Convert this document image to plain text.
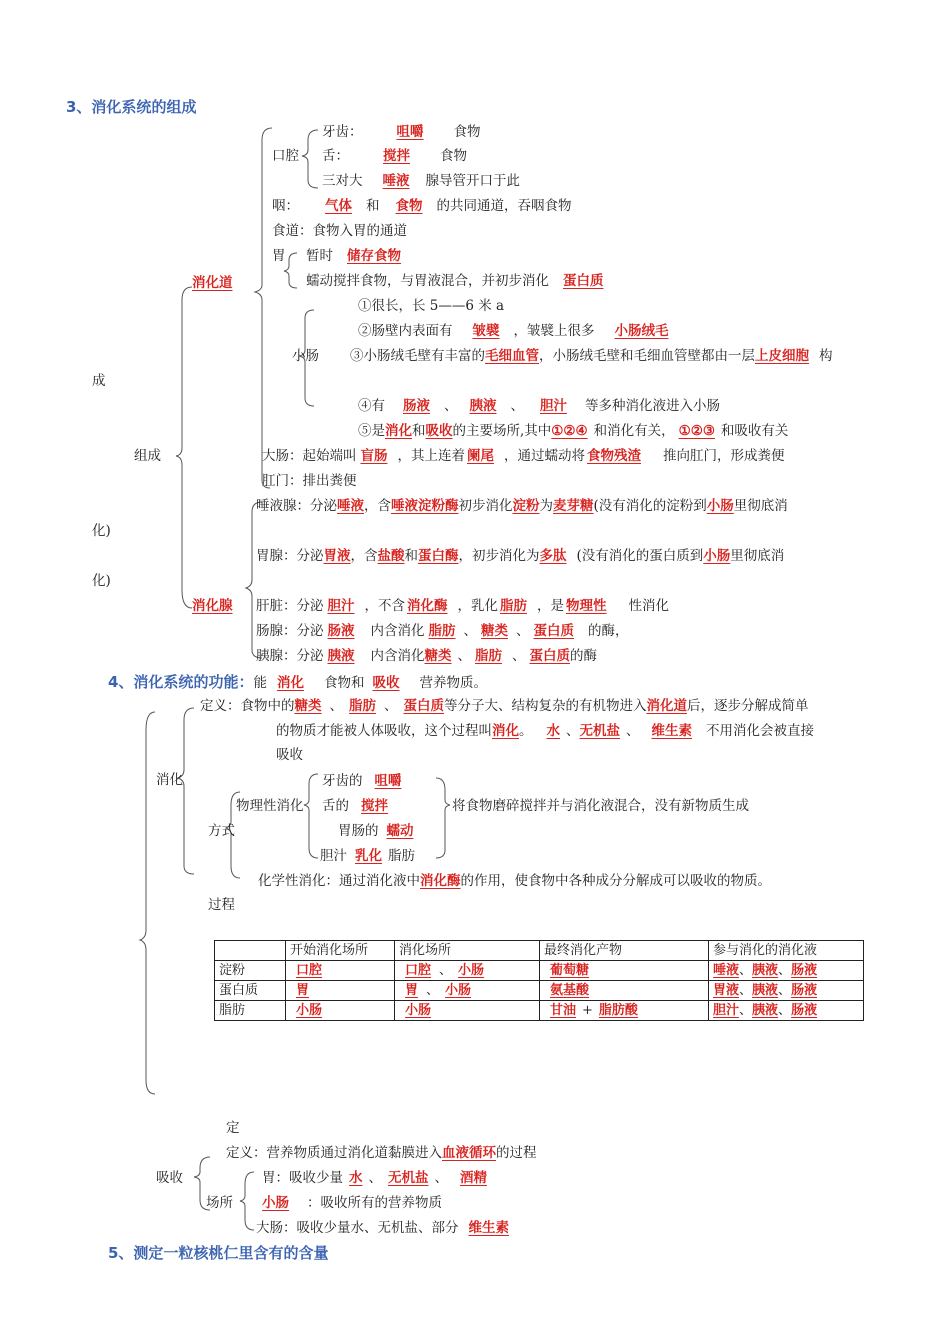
3、消化系统的组成
成
组成
化)
化)
消化道
口腔
牙齿：	咀嚼 食物
舌：	搅拌 食物
三对大 唾液 腺导管开口于此
咽： 气体 和 食物 的共同通道，吞咽食物
食道：食物入胃的通道
胃 暂时 储存食物
蠕动搅拌食物，与胃液混合，并初步消化 蛋白质
小肠
①很长，长 5——6 米 a
②肠壁内表面有 皱襞 ，皱襞上很多 小肠绒毛
③小肠绒毛壁有丰富的毛细血管，小肠绒毛壁和毛细血管壁都由一层上皮细胞 构
④有 肠液 、 胰液 、 胆汁 等多种消化液进入小肠
⑤是消化和吸收的主要场所,其中①②④ 和消化有关， ①②③ 和吸收有关
大肠：起始端叫 盲肠 ，其上连着 阑尾 ，通过蠕动将 食物残渣 推向肛门，形成粪便
肛门：排出粪便
唾液腺：分泌唾液，含唾液淀粉酶初步消化淀粉为麦芽糖(没有消化的淀粉到小肠里彻底消
胃腺：分泌胃液，含盐酸和蛋白酶，初步消化为多肽 (没有消化的蛋白质到小肠里彻底消
消化腺 肝脏：分泌 胆汁 ，不含 消化酶 ，乳化 脂肪 ，是 物理性 性消化
肠腺：分泌 肠液 内含消化 脂肪 、 糖类 、 蛋白质 的酶，
胰腺：分泌 胰液 内含消化糖类 、 脂肪 、 蛋白质的酶
4、消化系统的功能：能 消化 食物和 吸收 营养物质。
消化
定义：食物中的糖类 、 脂肪 、 蛋白质等分子大、结构复杂的有机物进入消化道后，逐步分解成简单
的物质才能被人体吸收，这个过程叫消化。 水 、无机盐 、 维生素 不用消化会被直接
吸收
物理性消化
方式
牙齿的 咀嚼
舌的 搅拌
胃肠的 蠕动
胆汁 乳化 脂肪
将食物磨碎搅拌并与消化液混合，没有新物质生成
化学性消化：通过消化液中消化酶的作用，使食物中各种成分分解成可以吸收的物质。
过程
	开始消化场所	消化场所	最终消化产物	参与消化的消化液
淀粉	口腔	口腔 、 小肠	葡萄糖	唾液、胰液、肠液
蛋白质	胃	胃 、 小肠	氨基酸	胃液、胰液、肠液
脂肪	小肠	小肠	甘油 + 脂肪酸	胆汁、胰液、肠液
定
定义：营养物质通过消化道黏膜进入血液循环的过程
吸收
场所
胃：吸收少量 水 、 无机盐 、 酒精
小肠 ：吸收所有的营养物质
大肠：吸收少量水、无机盐、部分 维生素
5、测定一粒核桃仁里含有的含量
